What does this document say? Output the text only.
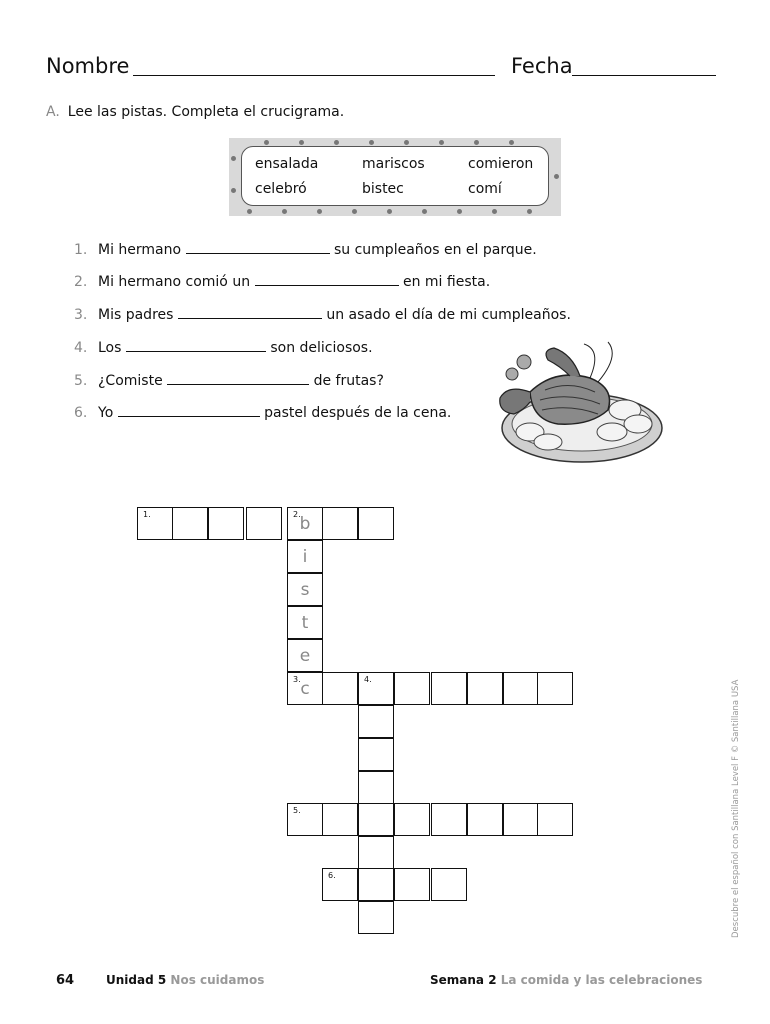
Nombre	Fecha
A. Lee las pistas. Completa el crucigrama.
ensalada	mariscos	comieron
celebró	bistec	comí
1. Mi hermano	su cumpleaños en el parque.
2. Mi hermano comió un	en mi fiesta.
3. Mis padres	un asado el día de mi cumpleaños.
4. Los	son deliciosos.
5. ¿Comiste	de frutas?
6. Yo	pastel después de la cena.
1.	2.
b
i
s
t
e
3. c	4.
5.
6.	Descubre el español con Santillana Level F © Santillana USA
64	Unidad 5 Nos cuidamos	Semana 2 La comida y las celebraciones
